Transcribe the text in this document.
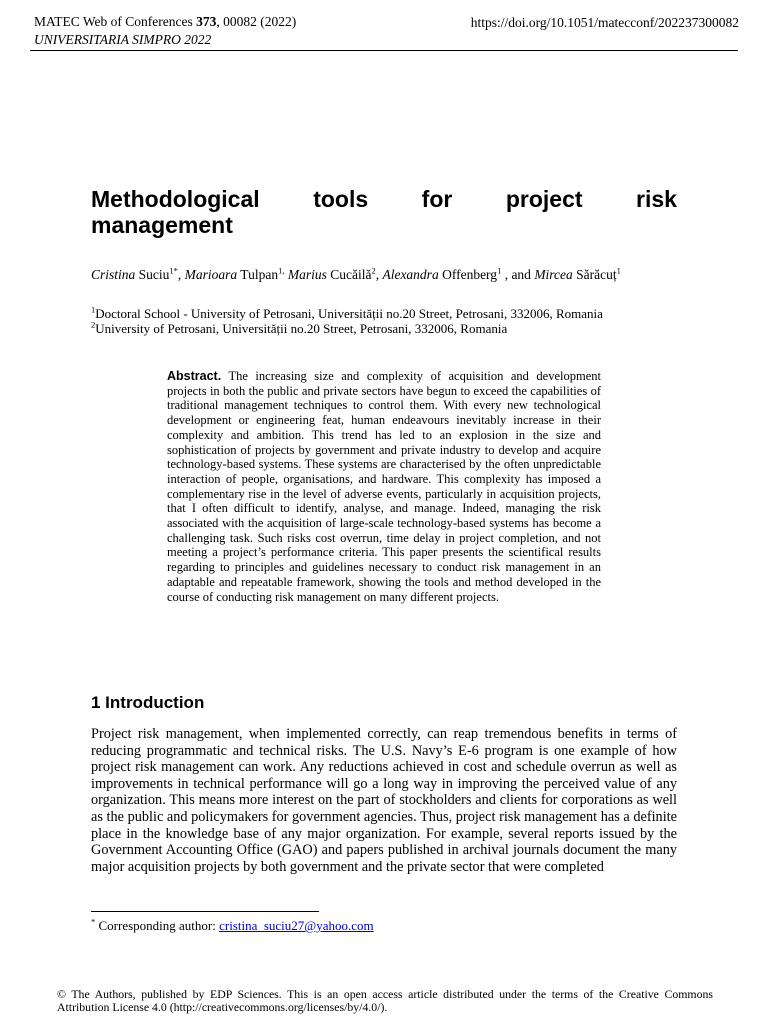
MATEC Web of Conferences 373, 00082 (2022)
UNIVERSITARIA SIMPRO 2022
https://doi.org/10.1051/matecconf/202237300082
Methodological tools for project risk
management
Cristina Suciu$^{1*}$, Marioara Tulpan$^{1,}$ Marius Cucăilă$^2$, Alexandra Offenberg$^1$ , and Mircea Sărăcuț$^1$
$^1$Doctoral School - University of Petrosani, Universității no.20 Street, Petrosani, 332006, Romania
$^2$University of Petrosani, Universității no.20 Street, Petrosani, 332006, Romania
Abstract. The increasing size and complexity of acquisition and development projects in both the public and private sectors have begun to exceed the capabilities of traditional management techniques to control them. With every new technological development or engineering feat, human endeavours inevitably increase in their complexity and ambition. This trend has led to an explosion in the size and sophistication of projects by government and private industry to develop and acquire technology-based systems. These systems are characterised by the often unpredictable interaction of people, organisations, and hardware. This complexity has imposed a complementary rise in the level of adverse events, particularly in acquisition projects, that I often difficult to identify, analyse, and manage. Indeed, managing the risk associated with the acquisition of large-scale technology-based systems has become a challenging task. Such risks cost overrun, time delay in project completion, and not meeting a project’s performance criteria. This paper presents the scientifical results regarding to principles and guidelines necessary to conduct risk management in an adaptable and repeatable framework, showing the tools and method developed in the course of conducting risk management on many different projects.
1 Introduction
Project risk management, when implemented correctly, can reap tremendous benefits in terms of reducing programmatic and technical risks. The U.S. Navy’s E-6 program is one example of how project risk management can work. Any reductions achieved in cost and schedule overrun as well as improvements in technical performance will go a long way in improving the perceived value of any organization. This means more interest on the part of stockholders and clients for corporations as well as the public and policymakers for government agencies. Thus, project risk management has a definite place in the knowledge base of any major organization. For example, several reports issued by the Government Accounting Office (GAO) and papers published in archival journals document the many major acquisition projects by both government and the private sector that were completed
* Corresponding author: cristina_suciu27@yahoo.com
© The Authors, published by EDP Sciences. This is an open access article distributed under the terms of the Creative Commons Attribution License 4.0 (http://creativecommons.org/licenses/by/4.0/).
